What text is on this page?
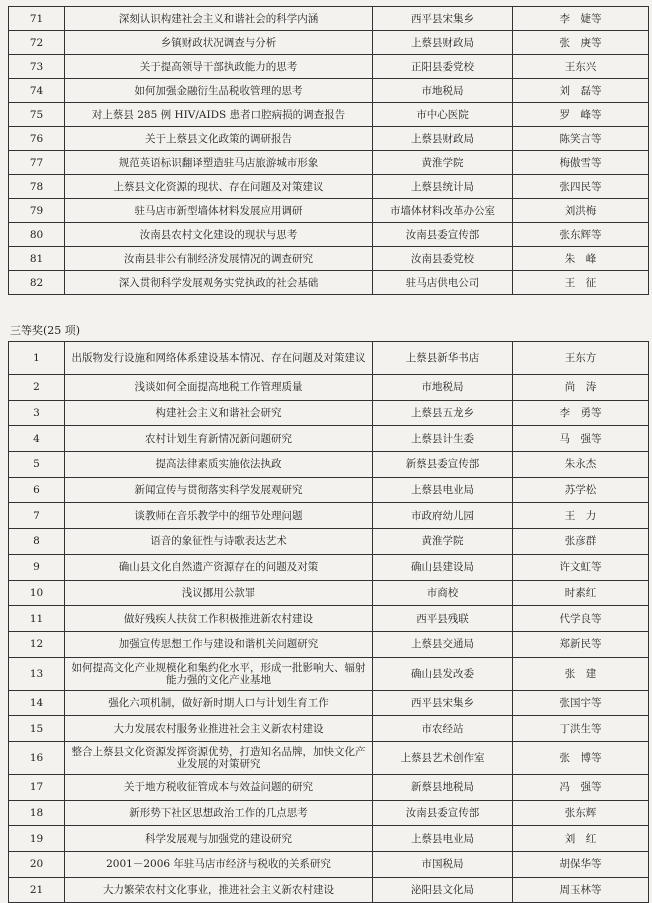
71	深刻认识构建社会主义和谐社会的科学内涵	西平县宋集乡	李　婕等
72	乡镇财政状况调查与分析	上蔡县财政局	张　庚等
73	关于提高领导干部执政能力的思考	正阳县委党校	王东兴
74	如何加强金融衍生品税收管理的思考	市地税局	刘　磊等
75	对上蔡县 285 例 HIV/AIDS 患者口腔病损的调查报告	市中心医院	罗　峰等
76	关于上蔡县文化政策的调研报告	上蔡县财政局	陈笑言等
77	规范英语标识翻译塑造驻马店旅游城市形象	黄淮学院	梅傲雪等
78	上蔡县文化资源的现状、存在问题及对策建议	上蔡县统计局	张四民等
79	驻马店市新型墙体材料发展应用调研	市墙体材料改革办公室	刘洪梅
80	汝南县农村文化建设的现状与思考	汝南县委宣传部	张东辉等
81	汝南县非公有制经济发展情况的调查研究	汝南县委党校	朱　峰
82	深入贯彻科学发展观务实党执政的社会基础	驻马店供电公司	王　征
三等奖(25 项)
1	出版物发行设施和网络体系建设基本情况、存在问题及对策建议	上蔡县新华书店	王东方
2	浅谈如何全面提高地税工作管理质量	市地税局	尚　涛
3	构建社会主义和谐社会研究	上蔡县五龙乡	李　勇等
4	农村计划生育新情况新问题研究	上蔡县计生委	马　强等
5	提高法律素质实施依法执政	新蔡县委宣传部	朱永杰
6	新闻宣传与贯彻落实科学发展观研究	上蔡县电业局	苏学松
7	谈教师在音乐教学中的细节处理问题	市政府幼儿园	王　力
8	语音的象征性与诗歌表达艺术	黄淮学院	张彦群
9	确山县文化自然遗产资源存在的问题及对策	确山县建设局	许文虹等
10	浅议挪用公款罪	市商校	时素红
11	做好残疾人扶贫工作积极推进新农村建设	西平县残联	代学良等
12	加强宣传思想工作与建设和谐机关问题研究	上蔡县交通局	郑新民等
13	如何提高文化产业规模化和集约化水平，形成一批影响大、辐射能力强的文化产业基地	确山县发改委	张　建
14	强化六项机制，做好新时期人口与计划生育工作	西平县宋集乡	张国宇等
15	大力发展农村服务业推进社会主义新农村建设	市农经站	丁洪生等
16	整合上蔡县文化资源发挥资源优势，打造知名品牌，加快文化产业发展的对策研究	上蔡县艺术创作室	张　博等
17	关于地方税收征管成本与效益问题的研究	新蔡县地税局	冯　强等
18	新形势下社区思想政治工作的几点思考	汝南县委宣传部	张东辉
19	科学发展观与加强党的建设研究	上蔡县电业局	刘　红
20	2001－2006 年驻马店市经济与税收的关系研究	市国税局	胡保华等
21	大力繁荣农村文化事业，推进社会主义新农村建设	泌阳县文化局	周玉林等
